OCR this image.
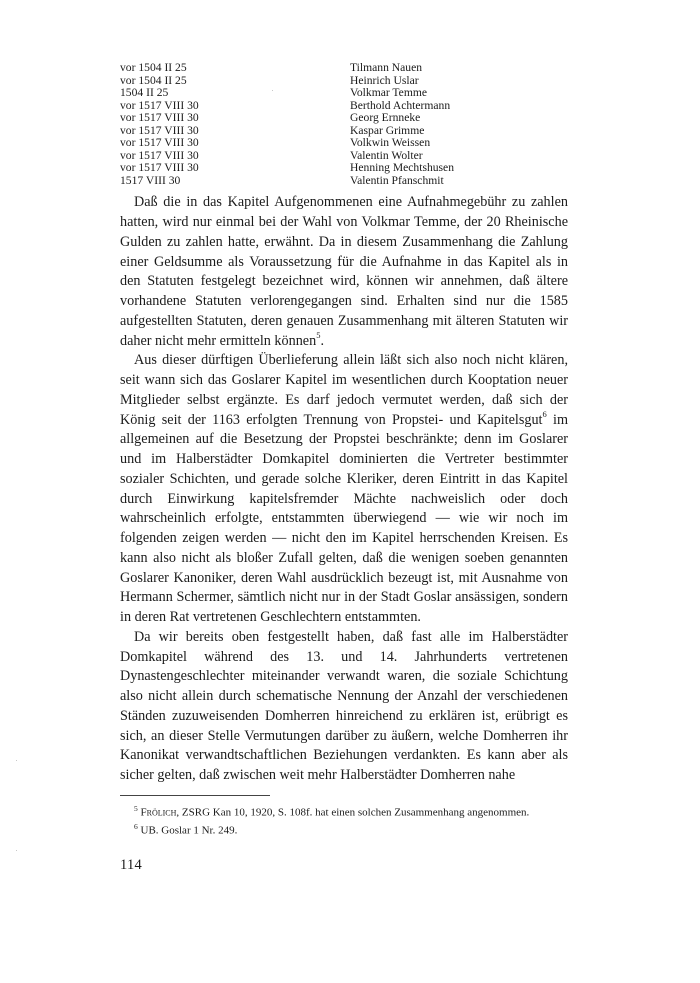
vor 1504 II 25	Tilmann Nauen
vor 1504 II 25	Heinrich Uslar
1504 II 25	Volkmar Temme
vor 1517 VIII 30	Berthold Achtermann
vor 1517 VIII 30	Georg Ernneke
vor 1517 VIII 30	Kaspar Grimme
vor 1517 VIII 30	Volkwin Weissen
vor 1517 VIII 30	Valentin Wolter
vor 1517 VIII 30	Henning Mechtshusen
1517 VIII 30	Valentin Pfanschmit

Daß die in das Kapitel Aufgenommenen eine Aufnahmegebühr zu zahlen hatten, wird nur einmal bei der Wahl von Volkmar Temme, der 20 Rheinische Gulden zu zahlen hatte, erwähnt. Da in diesem Zusammenhang die Zahlung einer Geldsumme als Voraussetzung für die Aufnahme in das Kapitel als in den Statuten festgelegt bezeichnet wird, können wir annehmen, daß ältere vorhandene Statuten verlorengegangen sind. Erhalten sind nur die 1585 aufgestellten Statuten, deren genauen Zusammenhang mit älteren Statuten wir daher nicht mehr ermitteln können$^5$.

Aus dieser dürftigen Überlieferung allein läßt sich also noch nicht klären, seit wann sich das Goslarer Kapitel im wesentlichen durch Kooptation neuer Mitglieder selbst ergänzte. Es darf jedoch vermutet werden, daß sich der König seit der 1163 erfolgten Trennung von Propstei- und Kapitelsgut$^6$ im allgemeinen auf die Besetzung der Propstei beschränkte; denn im Goslarer und im Halberstädter Domkapitel dominierten die Vertreter bestimmter sozialer Schichten, und gerade solche Kleriker, deren Eintritt in das Kapitel durch Einwirkung kapitelsfremder Mächte nachweislich oder doch wahrscheinlich erfolgte, entstammten überwiegend — wie wir noch im folgenden zeigen werden — nicht den im Kapitel herrschenden Kreisen. Es kann also nicht als bloßer Zufall gelten, daß die wenigen soeben genannten Goslarer Kanoniker, deren Wahl ausdrücklich bezeugt ist, mit Ausnahme von Hermann Schermer, sämtlich nicht nur in der Stadt Goslar ansässigen, sondern in deren Rat vertretenen Geschlechtern entstammten.

Da wir bereits oben festgestellt haben, daß fast alle im Halberstädter Domkapitel während des 13. und 14. Jahrhunderts vertretenen Dynastengeschlechter miteinander verwandt waren, die soziale Schichtung also nicht allein durch schematische Nennung der Anzahl der verschiedenen Ständen zuzuweisenden Domherren hinreichend zu erklären ist, erübrigt es sich, an dieser Stelle Vermutungen darüber zu äußern, welche Domherren ihr Kanonikat verwandtschaftlichen Beziehungen verdankten. Es kann aber als sicher gelten, daß zwischen weit mehr Halberstädter Domherren nahe

$^5$ Frölich, ZSRG Kan 10, 1920, S. 108f. hat einen solchen Zusammenhang angenommen.
$^6$ UB. Goslar 1 Nr. 249.
114
